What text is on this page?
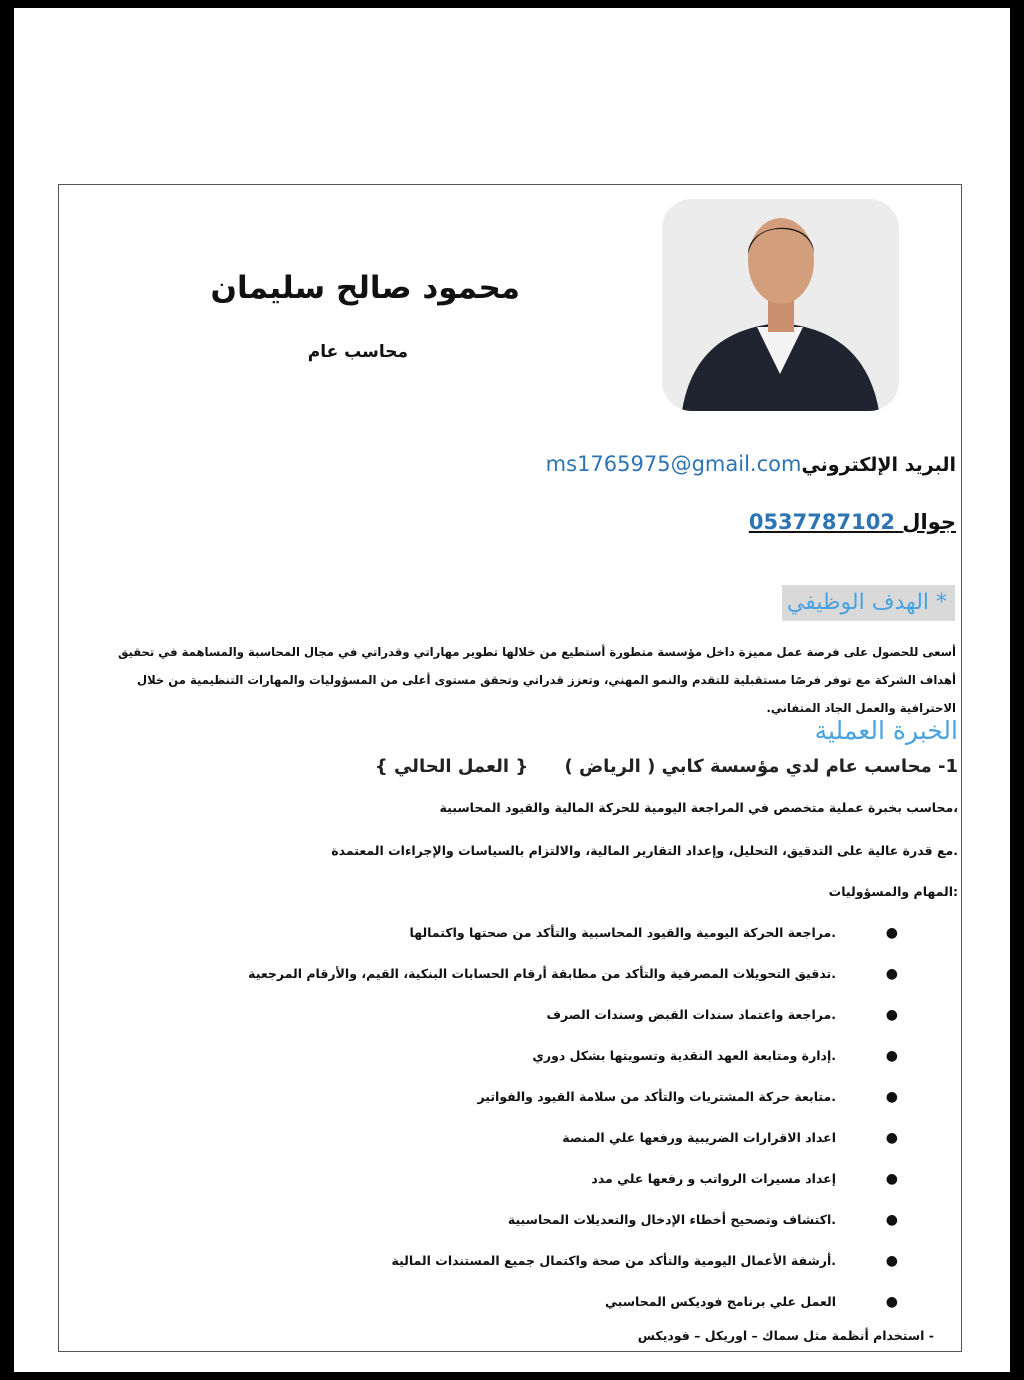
محمود صالح سليمان
محاسب عام
البريد الإلكترونيms1765975@gmail.com
جوال 0537787102
* الهدف الوظيفي
أسعى للحصول على فرصة عمل مميزة داخل مؤسسة متطورة أستطيع من خلالها تطوير مهاراتي وقدراتي في مجال المحاسبة والمساهمة في تحقيق أهداف الشركة مع توفر فرصًا مستقبلية للتقدم والنمو المهني، وتعزز قدراتي وتحقق مستوى أعلى من المسؤوليات والمهارات التنظيمية من خلال الاحترافية والعمل الجاد المتفاني.
الخبرة العملية
1- محاسب عام لدي مؤسسة كابي ( الرياض ) { العمل الحالي }
،محاسب بخبرة عملية متخصص في المراجعة اليومية للحركة المالية والقيود المحاسبية
.مع قدرة عالية على التدقيق، التحليل، وإعداد التقارير المالية، والالتزام بالسياسات والإجراءات المعتمدة
:المهام والمسؤوليات
●
.مراجعة الحركة اليومية والقيود المحاسبية والتأكد من صحتها واكتمالها
●
.تدقيق التحويلات المصرفية والتأكد من مطابقة أرقام الحسابات البنكية، القيم، والأرقام المرجعية
●
.مراجعة واعتماد سندات القبض وسندات الصرف
●
.إدارة ومتابعة العهد النقدية وتسويتها بشكل دوري
●
.متابعة حركة المشتريات والتأكد من سلامة القيود والفواتير
●
اعداد الاقرارات الضريبية ورفعها علي المنصة
●
إعداد مسيرات الرواتب و رفعها علي مدد
●
.اكتشاف وتصحيح أخطاء الإدخال والتعديلات المحاسبية
●
.أرشفة الأعمال اليومية والتأكد من صحة واكتمال جميع المستندات المالية
●
العمل علي برنامج فوديكس المحاسبي
- استخدام أنظمة مثل سماك – اوريكل – فوديكس
